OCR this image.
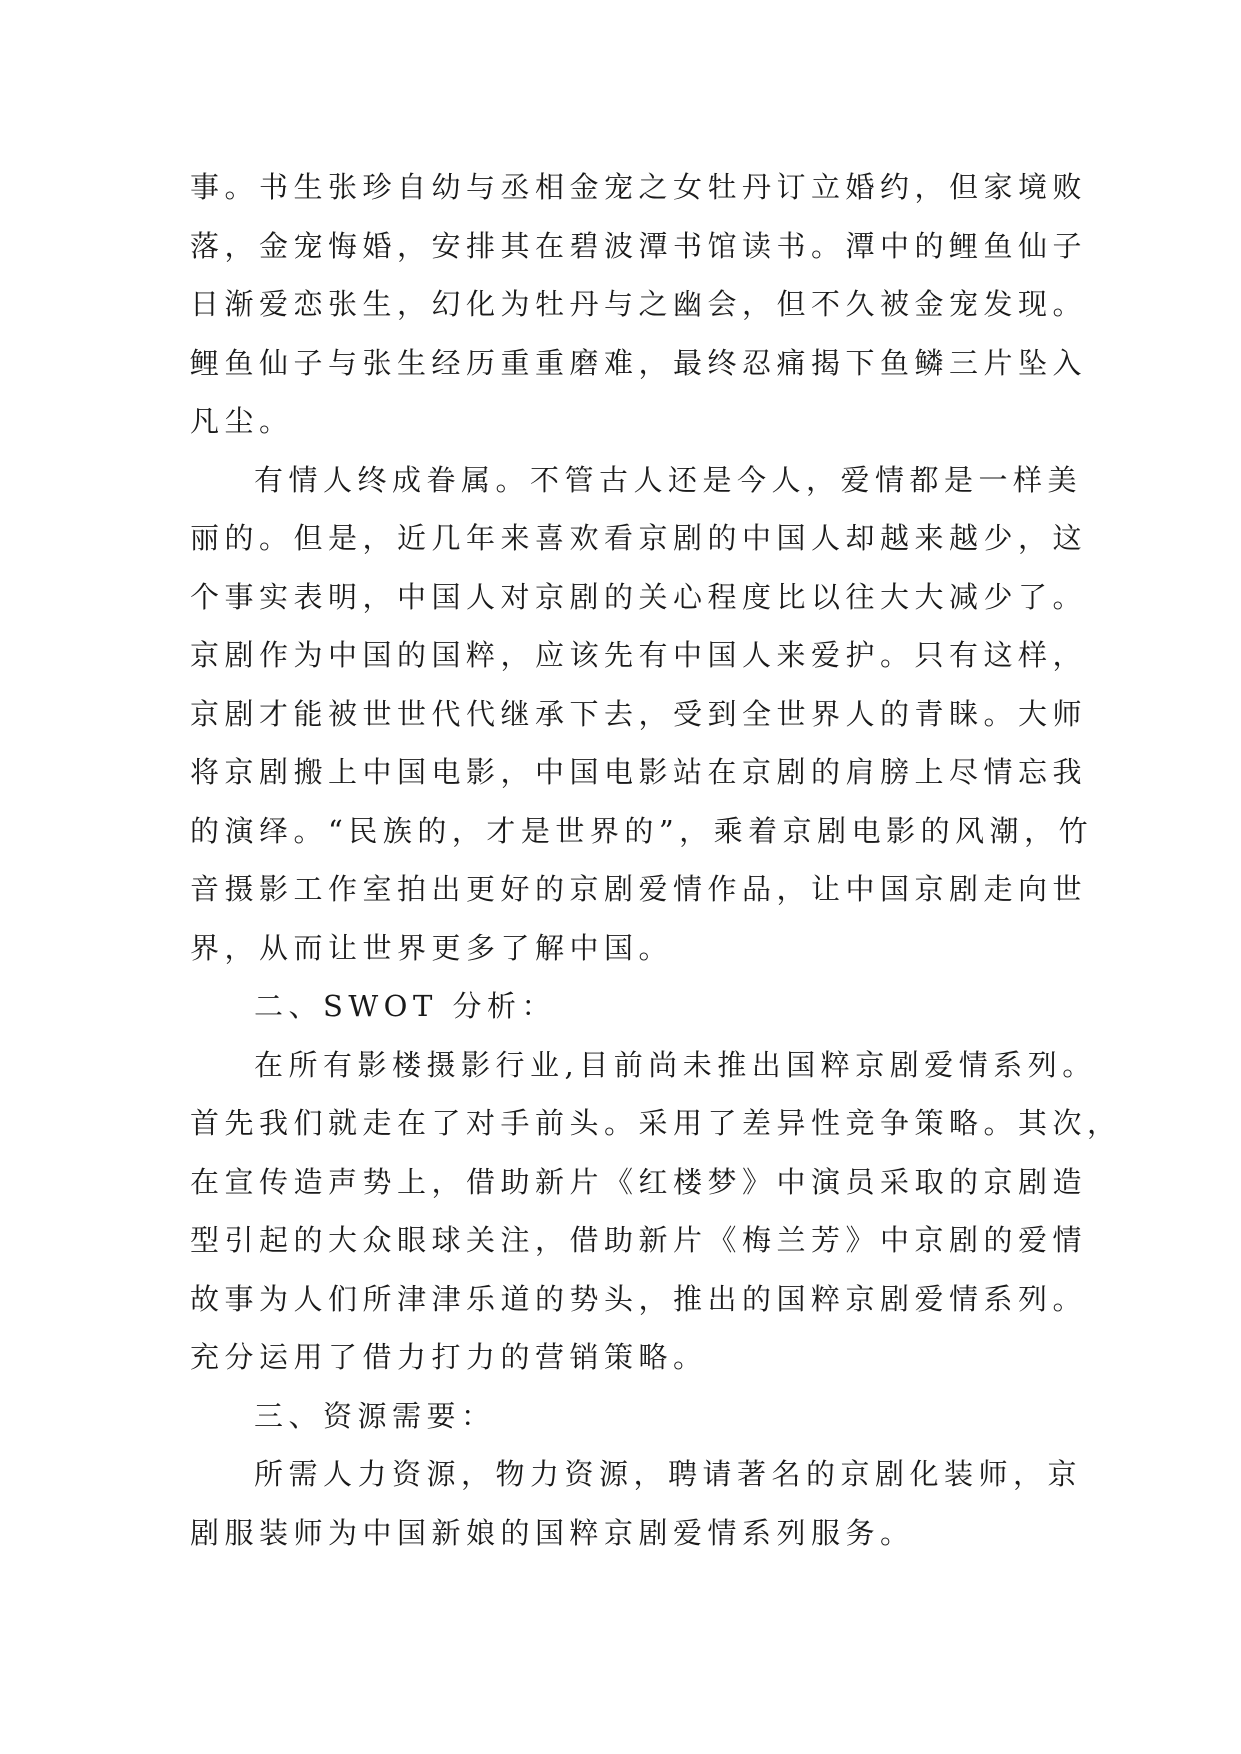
事。书生张珍自幼与丞相金宠之女牡丹订立婚约，但家境败
落，金宠悔婚，安排其在碧波潭书馆读书。潭中的鲤鱼仙子
日渐爱恋张生，幻化为牡丹与之幽会，但不久被金宠发现。
鲤鱼仙子与张生经历重重磨难，最终忍痛揭下鱼鳞三片坠入
凡尘。
有情人终成眷属。不管古人还是今人，爱情都是一样美
丽的。但是，近几年来喜欢看京剧的中国人却越来越少，这
个事实表明，中国人对京剧的关心程度比以往大大减少了。
京剧作为中国的国粹，应该先有中国人来爱护。只有这样，
京剧才能被世世代代继承下去，受到全世界人的青睐。大师
将京剧搬上中国电影，中国电影站在京剧的肩膀上尽情忘我
的演绎。“民族的，才是世界的”，乘着京剧电影的风潮，竹
音摄影工作室拍出更好的京剧爱情作品，让中国京剧走向世
界，从而让世界更多了解中国。
二、SWOT 分析：
在所有影楼摄影行业,目前尚未推出国粹京剧爱情系列。
首先我们就走在了对手前头。采用了差异性竞争策略。其次，
在宣传造声势上，借助新片《红楼梦》中演员采取的京剧造
型引起的大众眼球关注，借助新片《梅兰芳》中京剧的爱情
故事为人们所津津乐道的势头，推出的国粹京剧爱情系列。
充分运用了借力打力的营销策略。
三、资源需要：
所需人力资源，物力资源，聘请著名的京剧化装师，京
剧服装师为中国新娘的国粹京剧爱情系列服务。
